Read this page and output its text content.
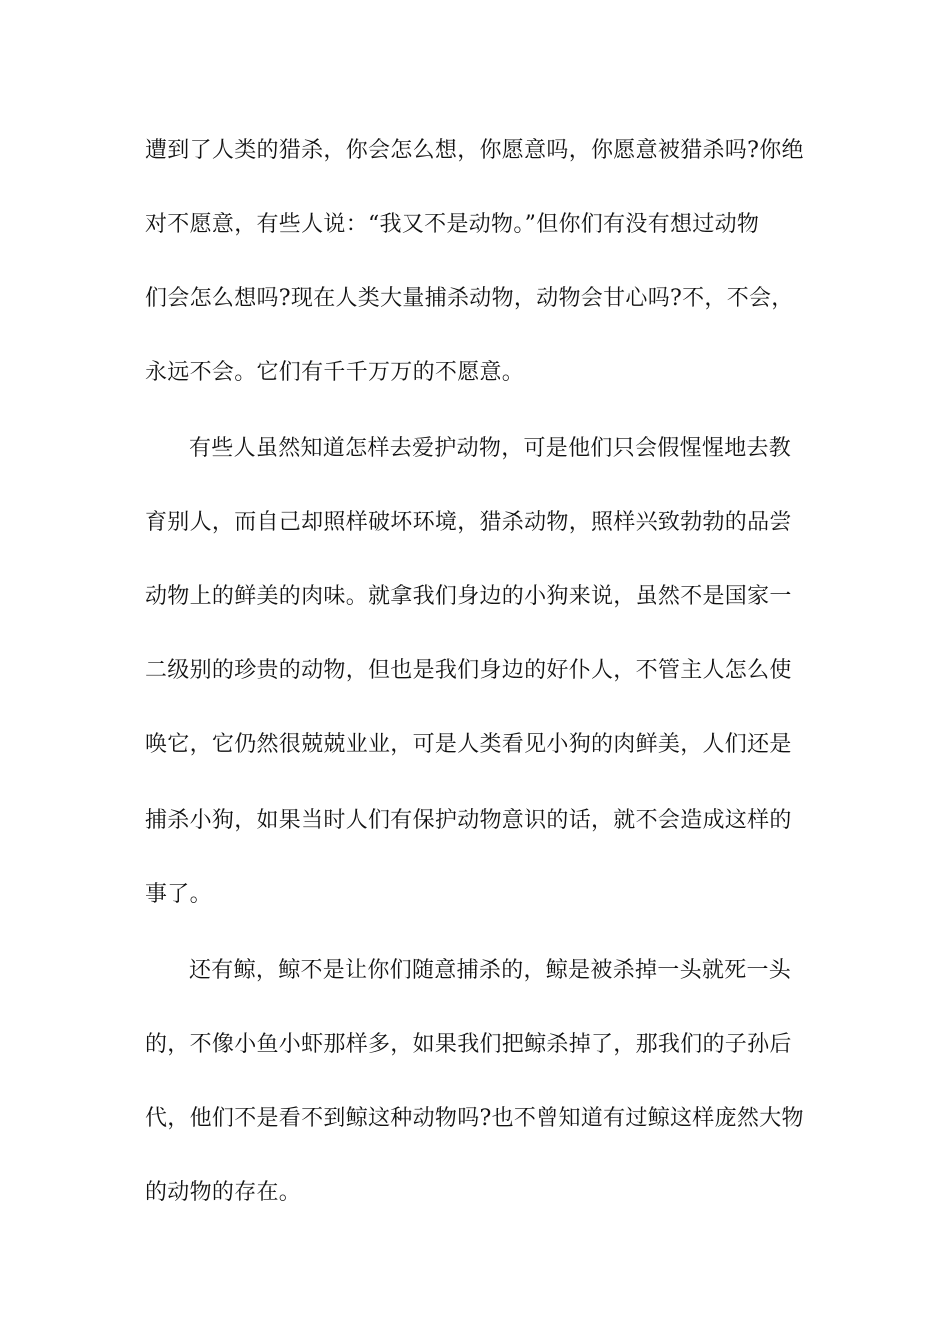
遭到了人类的猎杀，你会怎么想，你愿意吗，你愿意被猎杀吗?你绝
对不愿意，有些人说：“我又不是动物。”但你们有没有想过动物
们会怎么想吗?现在人类大量捕杀动物，动物会甘心吗?不，不会，
永远不会。它们有千千万万的不愿意。
有些人虽然知道怎样去爱护动物，可是他们只会假惺惺地去教
育别人，而自己却照样破坏环境，猎杀动物，照样兴致勃勃的品尝
动物上的鲜美的肉味。就拿我们身边的小狗来说，虽然不是国家一
二级别的珍贵的动物，但也是我们身边的好仆人，不管主人怎么使
唤它，它仍然很兢兢业业，可是人类看见小狗的肉鲜美，人们还是
捕杀小狗，如果当时人们有保护动物意识的话，就不会造成这样的
事了。
还有鲸，鲸不是让你们随意捕杀的，鲸是被杀掉一头就死一头
的，不像小鱼小虾那样多，如果我们把鲸杀掉了，那我们的子孙后
代，他们不是看不到鲸这种动物吗?也不曾知道有过鲸这样庞然大物
的动物的存在。
